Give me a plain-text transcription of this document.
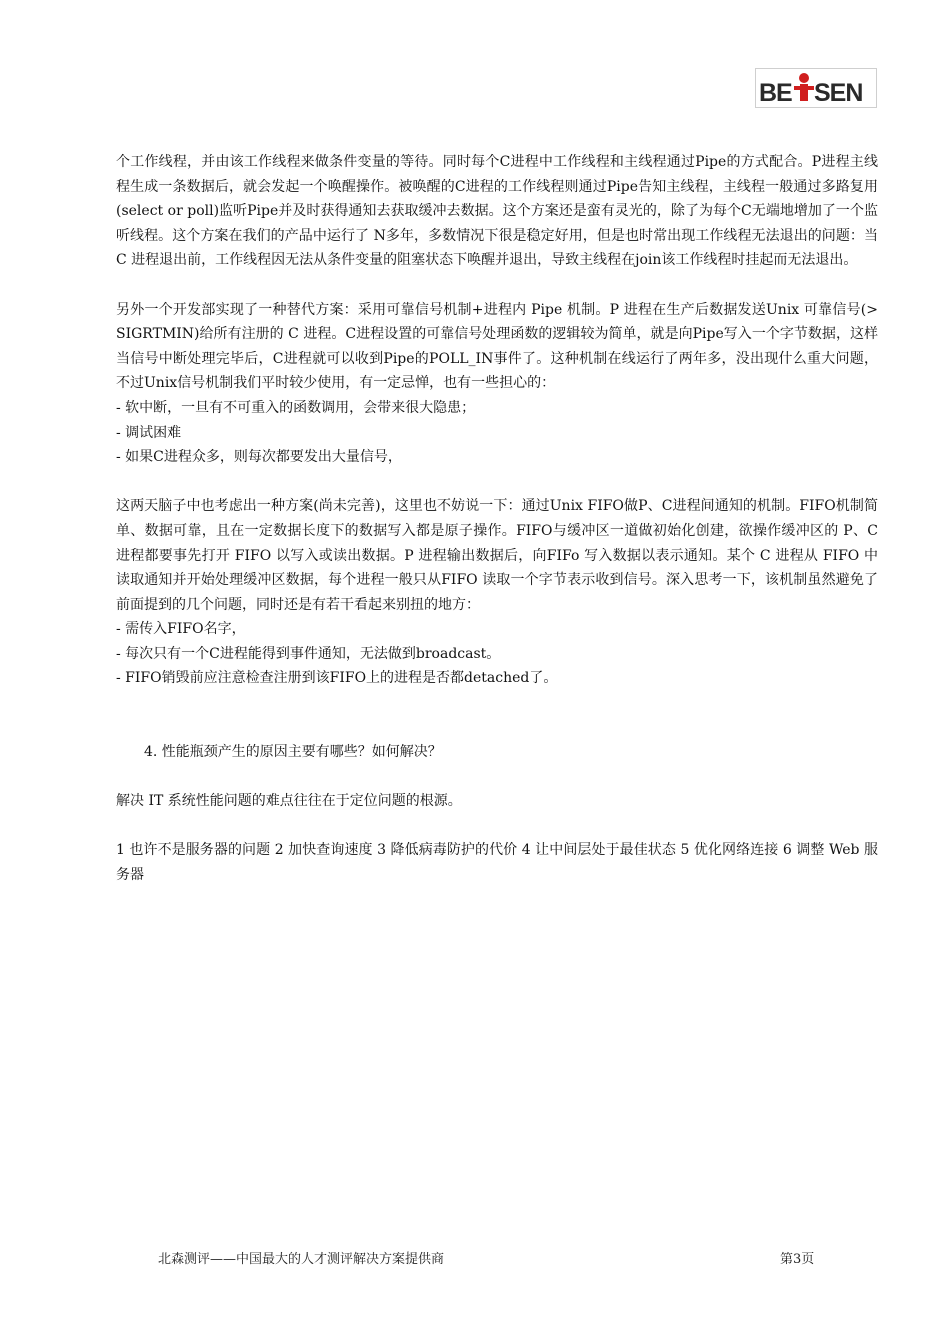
BE SEN

个工作线程，并由该工作线程来做条件变量的等待。同时每个C进程中工作线程和主线程通过Pipe的方式配合。P进程主线程生成一条数据后，就会发起一个唤醒操作。被唤醒的C进程的工作线程则通过Pipe告知主线程，主线程一般通过多路复用(select or poll)监听Pipe并及时获得通知去获取缓冲去数据。这个方案还是蛮有灵光的，除了为每个C无端地增加了一个监听线程。这个方案在我们的产品中运行了 N多年，多数情况下很是稳定好用，但是也时常出现工作线程无法退出的问题：当 C 进程退出前，工作线程因无法从条件变量的阻塞状态下唤醒并退出，导致主线程在join该工作线程时挂起而无法退出。

另外一个开发部实现了一种替代方案：采用可靠信号机制+进程内 Pipe 机制。P 进程在生产后数据发送Unix 可靠信号(> SIGRTMIN)给所有注册的 C 进程。C进程设置的可靠信号处理函数的逻辑较为简单，就是向Pipe写入一个字节数据，这样当信号中断处理完毕后，C进程就可以收到Pipe的POLL_IN事件了。这种机制在线运行了两年多，没出现什么重大问题，不过Unix信号机制我们平时较少使用，有一定忌惮，也有一些担心的：

- 软中断，一旦有不可重入的函数调用，会带来很大隐患；

- 调试困难

- 如果C进程众多，则每次都要发出大量信号，

这两天脑子中也考虑出一种方案(尚未完善)，这里也不妨说一下：通过Unix FIFO做P、C进程间通知的机制。FIFO机制简单、数据可靠，且在一定数据长度下的数据写入都是原子操作。FIFO与缓冲区一道做初始化创建，欲操作缓冲区的 P、C 进程都要事先打开 FIFO 以写入或读出数据。P 进程输出数据后，向FIFo 写入数据以表示通知。某个 C 进程从 FIFO 中读取通知并开始处理缓冲区数据，每个进程一般只从FIFO 读取一个字节表示收到信号。深入思考一下，该机制虽然避免了前面提到的几个问题，同时还是有若干看起来别扭的地方：

- 需传入FIFO名字，

- 每次只有一个C进程能得到事件通知，无法做到broadcast。

- FIFO销毁前应注意检查注册到该FIFO上的进程是否都detached了。

4. 性能瓶颈产生的原因主要有哪些？如何解决？

解决 IT 系统性能问题的难点往往在于定位问题的根源。

1 也许不是服务器的问题 2 加快查询速度 3 降低病毒防护的代价 4 让中间层处于最佳状态 5 优化网络连接 6 调整 Web 服务器

北森测评——中国最大的人才测评解决方案提供商	第3页
